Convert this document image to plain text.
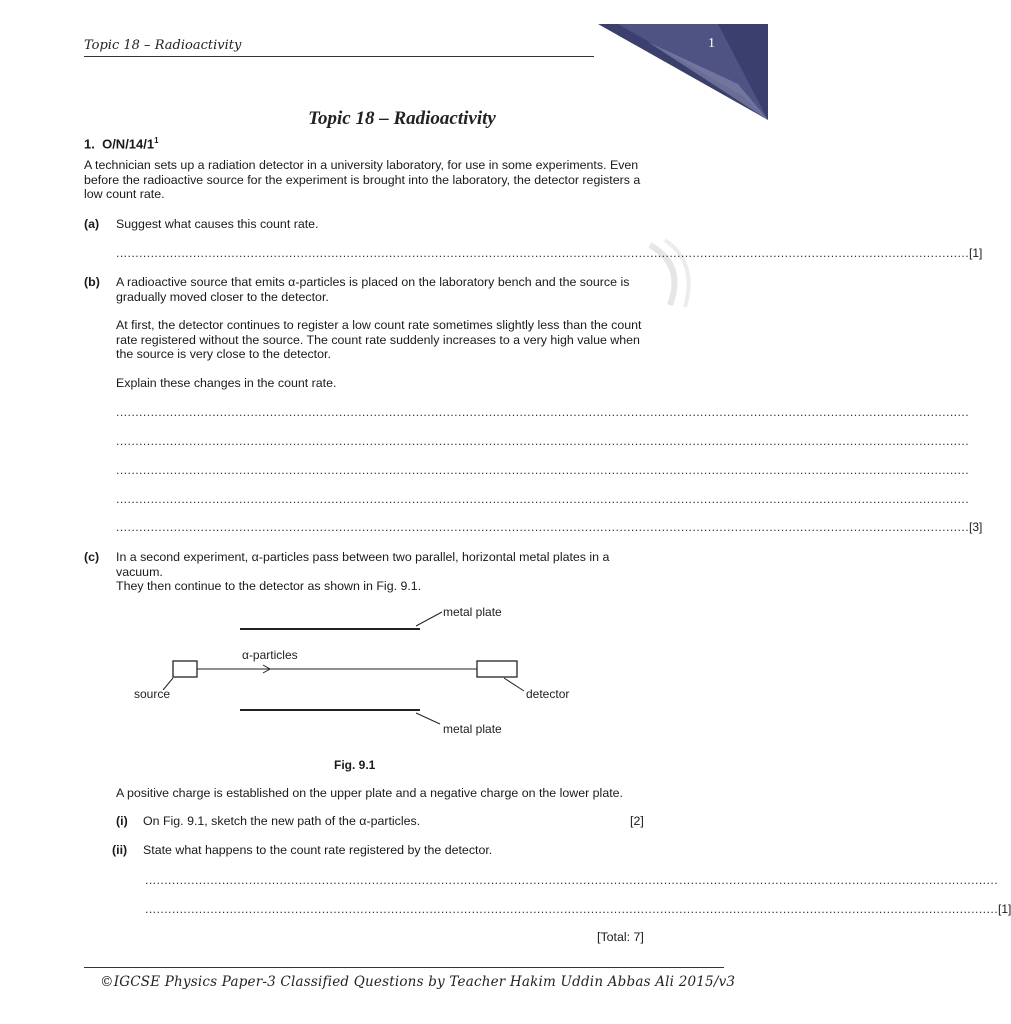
Topic 18 – Radioactivity	1
Topic 18 – Radioactivity
1. $O/N/14/1^1$

A technician sets up a radiation detector in a university laboratory, for use in some experiments. Even before the radioactive source for the experiment is brought into the laboratory, the detector registers a low count rate.

(a) Suggest what causes this count rate.

.............................................................................................................................................................................................................................. [1]
(b) A radioactive source that emits α-particles is placed on the laboratory bench and the source is gradually moved closer to the detector.

At first, the detector continues to register a low count rate sometimes slightly less than the count rate registered without the source. The count rate suddenly increases to a very high value when the source is very close to the detector.

Explain these changes in the count rate.

..............................................................................................................................................................................................................................
..............................................................................................................................................................................................................................
..............................................................................................................................................................................................................................
..............................................................................................................................................................................................................................
.............................................................................................................................................................................................................................. [3]
(c) In a second experiment, α-particles pass between two parallel, horizontal metal plates in a vacuum.

They then continue to the detector as shown in Fig. 9.1.

metal plate
α-particles
source	detector
metal plate
Fig. 9.1

A positive charge is established on the upper plate and a negative charge on the lower plate.

(i) On Fig. 9.1, sketch the new path of the α-particles.	[2]
(ii) State what happens to the count rate registered by the detector.

..............................................................................................................................................................................................................................
.............................................................................................................................................................................................................................. [1]
[Total: 7]
©IGCSE Physics Paper-3 Classified Questions by Teacher Hakim Uddin Abbas Ali 2015/v3
